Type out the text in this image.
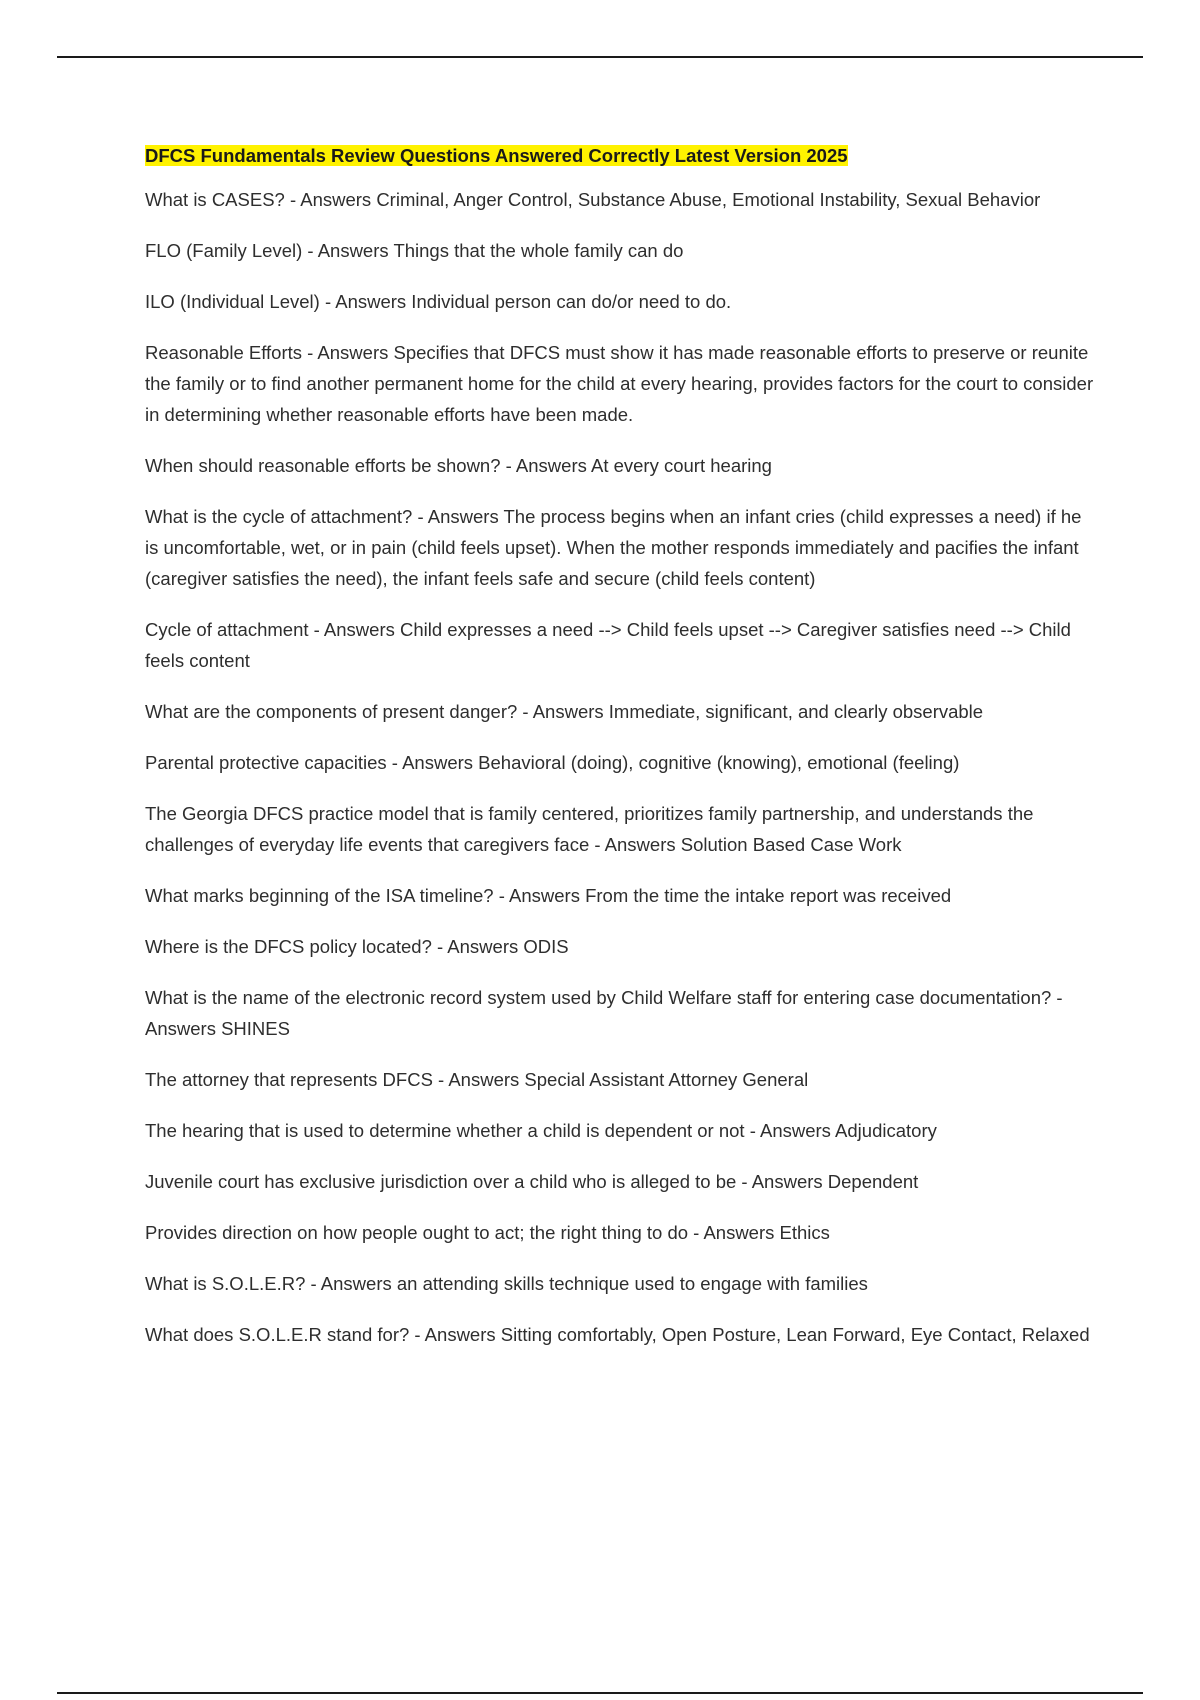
DFCS Fundamentals Review Questions Answered Correctly Latest Version 2025

What is CASES? - Answers Criminal, Anger Control, Substance Abuse, Emotional Instability, Sexual Behavior

FLO (Family Level) - Answers Things that the whole family can do

ILO (Individual Level) - Answers Individual person can do/or need to do.

Reasonable Efforts - Answers Specifies that DFCS must show it has made reasonable efforts to preserve or reunite the family or to find another permanent home for the child at every hearing, provides factors for the court to consider in determining whether reasonable efforts have been made.

When should reasonable efforts be shown? - Answers At every court hearing

What is the cycle of attachment? - Answers The process begins when an infant cries (child expresses a need) if he is uncomfortable, wet, or in pain (child feels upset). When the mother responds immediately and pacifies the infant (caregiver satisfies the need), the infant feels safe and secure (child feels content)

Cycle of attachment - Answers Child expresses a need --> Child feels upset --> Caregiver satisfies need --> Child feels content

What are the components of present danger? - Answers Immediate, significant, and clearly observable

Parental protective capacities - Answers Behavioral (doing), cognitive (knowing), emotional (feeling)

The Georgia DFCS practice model that is family centered, prioritizes family partnership, and understands the challenges of everyday life events that caregivers face - Answers Solution Based Case Work

What marks beginning of the ISA timeline? - Answers From the time the intake report was received

Where is the DFCS policy located? - Answers ODIS

What is the name of the electronic record system used by Child Welfare staff for entering case documentation? - Answers SHINES

The attorney that represents DFCS - Answers Special Assistant Attorney General

The hearing that is used to determine whether a child is dependent or not - Answers Adjudicatory

Juvenile court has exclusive jurisdiction over a child who is alleged to be - Answers Dependent

Provides direction on how people ought to act; the right thing to do - Answers Ethics

What is S.O.L.E.R? - Answers an attending skills technique used to engage with families

What does S.O.L.E.R stand for? - Answers Sitting comfortably, Open Posture, Lean Forward, Eye Contact, Relaxed
